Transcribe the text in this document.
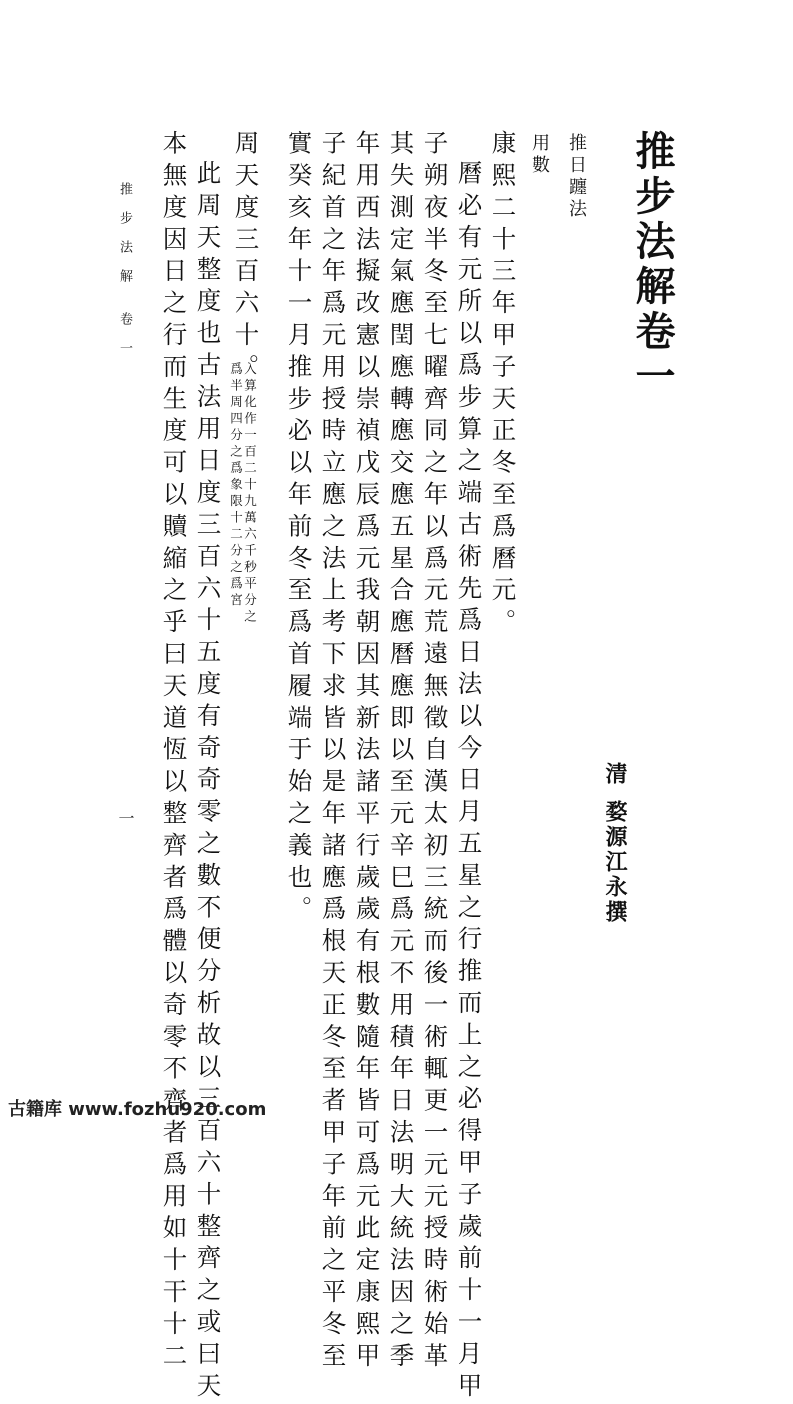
推步法解卷一
清
婺源江永撰
推日躔法
用數
康熙二十三年甲子天正冬至爲曆元。
曆必有元所以爲步算之端古術先爲日法以今日月五星之行推而上之必得甲子歲前十一月甲
子朔夜半冬至七曜齊同之年以爲元荒遠無徵自漢太初三統而後一術輒更一元元授時術始革
其失測定氣應閏應轉應交應五星合應曆應即以至元辛巳爲元不用積年日法明大統法因之季
年用西法擬改憲以崇禎戊辰爲元我朝因其新法諸平行歲歲有根數隨年皆可爲元此定康熙甲
子紀首之年爲元用授時立應之法上考下求皆以是年諸應爲根天正冬至者甲子年前之平冬至
實癸亥年十一月推步必以年前冬至爲首履端于始之義也。
周天度三百六十。
入算化作一百二十九萬六千秒平分之
爲半周四分之爲象限十二分之爲宮
此周天整度也古法用日度三百六十五度有奇奇零之數不便分析故以三百六十整齊之或曰天
本無度因日之行而生度可以贖縮之乎曰天道恆以整齊者爲體以奇零不齊者爲用如十干十二
推步法解卷一
一
古籍库 www.fozhu920.com
